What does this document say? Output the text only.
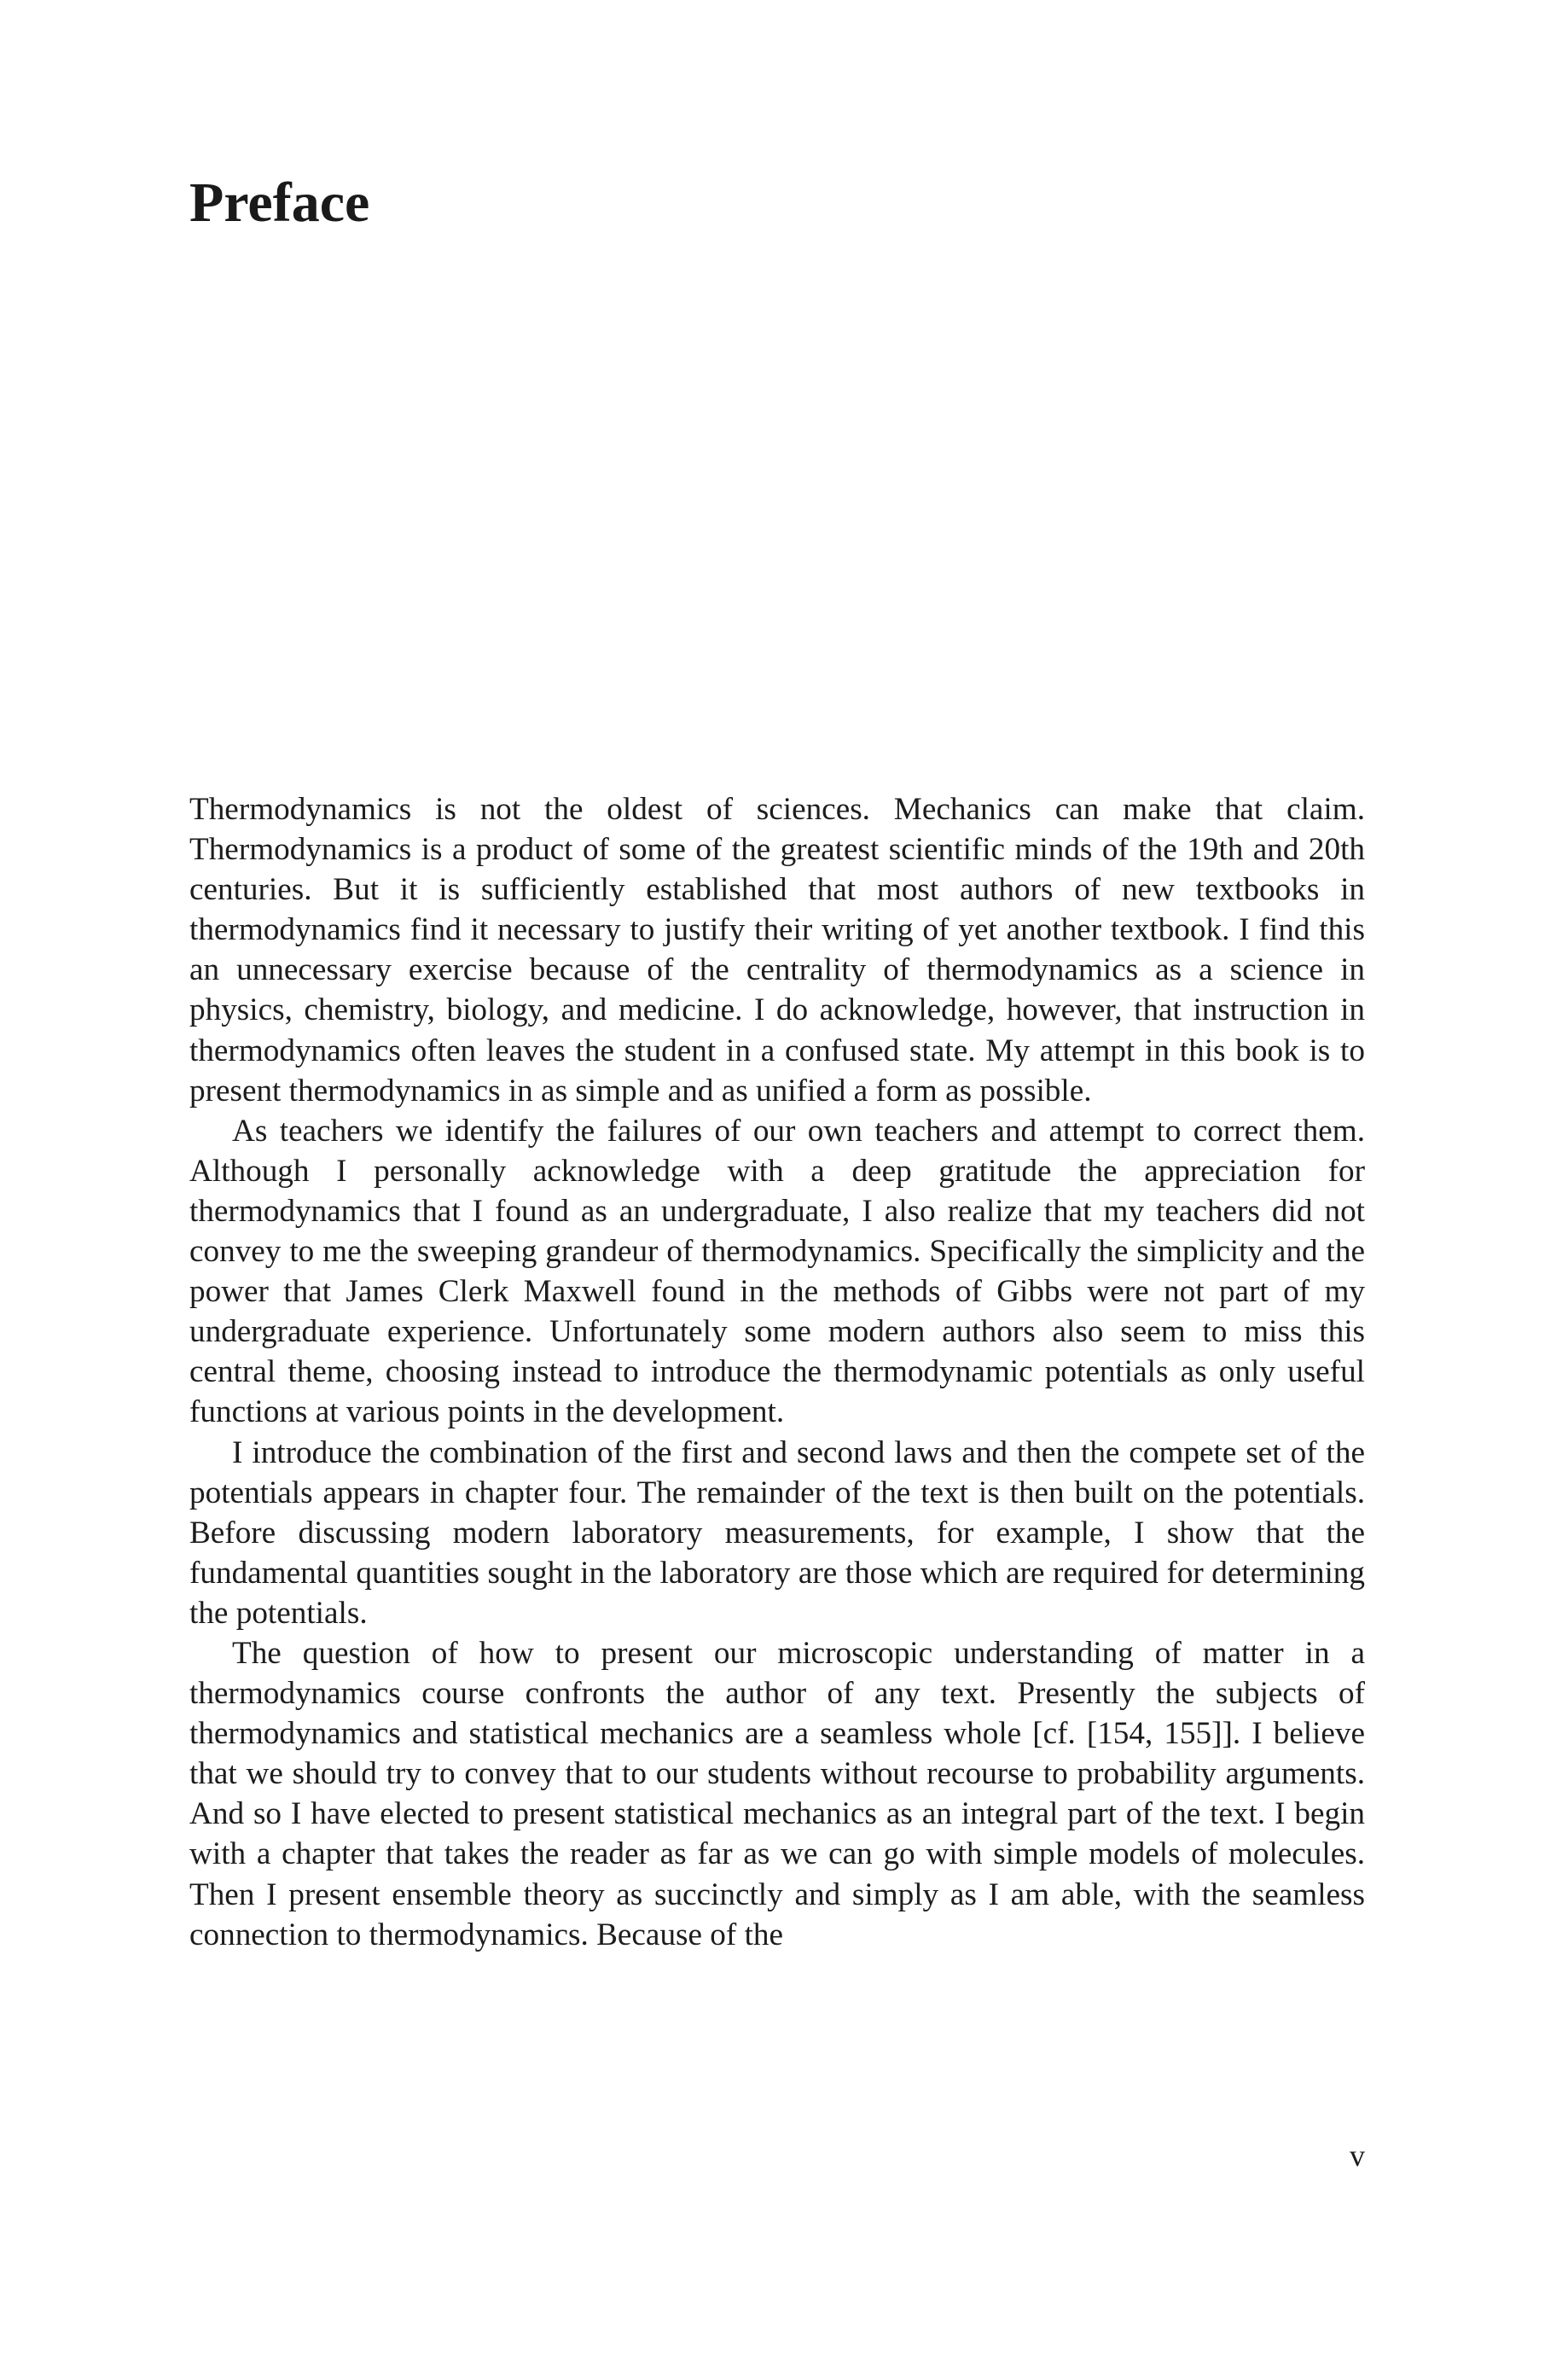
Preface

Thermodynamics is not the oldest of sciences. Mechanics can make that claim. Thermodynamics is a product of some of the greatest scientific minds of the 19th and 20th centuries. But it is sufficiently established that most authors of new textbooks in thermodynamics find it necessary to justify their writing of yet another textbook. I find this an unnecessary exercise because of the centrality of thermodynamics as a science in physics, chemistry, biology, and medicine. I do acknowledge, however, that instruction in thermodynamics often leaves the student in a confused state. My attempt in this book is to present thermodynamics in as simple and as unified a form as possible.

As teachers we identify the failures of our own teachers and attempt to correct them. Although I personally acknowledge with a deep gratitude the appreciation for thermodynamics that I found as an undergraduate, I also realize that my teachers did not convey to me the sweeping grandeur of thermodynamics. Specifically the simplicity and the power that James Clerk Maxwell found in the methods of Gibbs were not part of my undergraduate experience. Unfortunately some modern authors also seem to miss this central theme, choosing instead to introduce the thermodynamic potentials as only useful functions at various points in the development.

I introduce the combination of the first and second laws and then the compete set of the potentials appears in chapter four. The remainder of the text is then built on the potentials. Before discussing modern laboratory measurements, for example, I show that the fundamental quantities sought in the laboratory are those which are required for determining the potentials.

The question of how to present our microscopic understanding of matter in a thermodynamics course confronts the author of any text. Presently the subjects of thermodynamics and statistical mechanics are a seamless whole [cf. [154, 155]]. I believe that we should try to convey that to our students without recourse to probability arguments. And so I have elected to present statistical mechanics as an integral part of the text. I begin with a chapter that takes the reader as far as we can go with simple models of molecules. Then I present ensemble theory as succinctly and simply as I am able, with the seamless connection to thermodynamics. Because of the

v
